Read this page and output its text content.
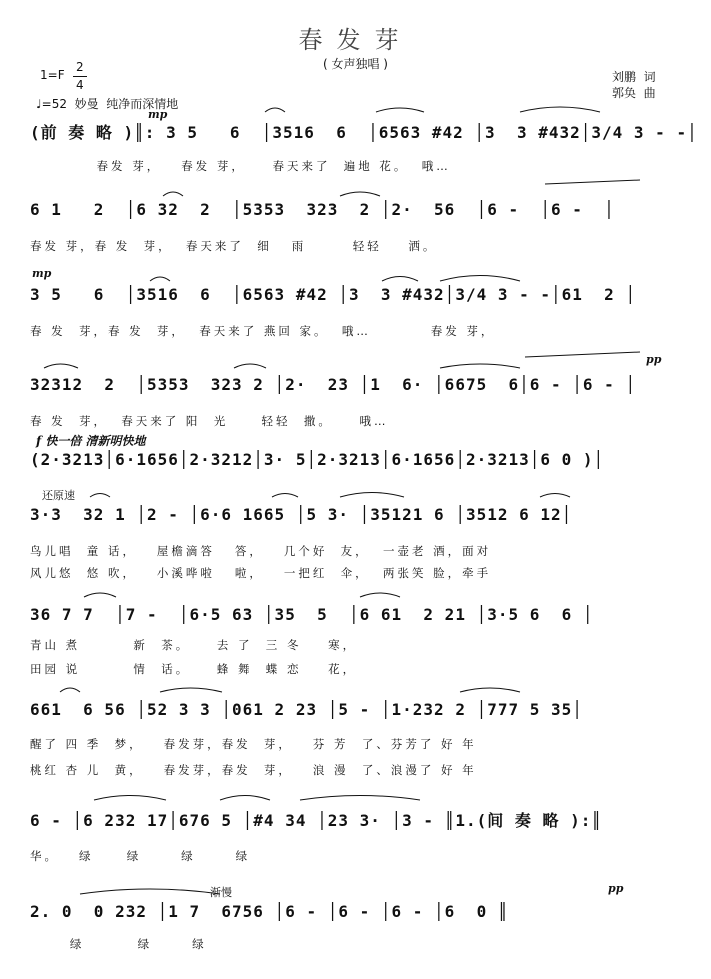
春发芽
( 女声独唱 )
1=F
2
4
♩=52  妙曼  纯净而深情地
刘鹏  词
郭奂  曲
mp
(前 奏 略 )║: 3 5   6  │3516  6  │6563 #42 │3  3 #432│3/4 3 - -│
春发 芽，   春发 芽，    春天来了  遍地 花。  哦…
6 1   2  │6 32  2  │5353  323  2 │2·  56  │6 -  │6 -  │
春发 芽，春 发  芽，  春天来了  细   雨       轻轻    洒。
mp
3 5   6  │3516  6  │6563 #42 │3  3 #432│3/4 3 - -│61  2 │
春 发  芽，春 发  芽，  春天来了 燕回 家。  哦…         春发 芽，
pp
32312  2  │5353  323 2 │2·  23 │1  6· │6675  6│6 - │6 - │
春 发  芽，  春天来了 阳  光     轻轻  撒。    哦…
f 快一倍 清新明快地
(2·3213│6·1656│2·3212│3· 5│2·3213│6·1656│2·3213│6 0 )│
还原速
3·3  32 1 │2 - │6·6 1665 │5 3· │35121 6 │3512 6 12│
鸟儿唱  童 话，   屋檐滴答   答，   几个好  友，  一壶老 酒，面对
风儿悠  悠 吹，   小溪哗啦   啦，   一把红  伞，  两张笑 脸，牵手
36 7 7  │7 -  │6·5 63 │35  5  │6 61  2 21 │3·5 6  6 │
青山 煮        新  茶。    去 了  三 冬    寒，
田园 说        情  话。    蜂 舞  蝶 恋    花，
661  6 56 │52 3 3 │061 2 23 │5 - │1·232 2 │777 5 35│
醒了 四 季  梦，   春发芽，春发  芽，   芬 芳  了、芬芳了 好 年
桃红 杏 儿  黄，   春发芽，春发  芽，   浪 漫  了、浪漫了 好 年
6 - │6 232 17│676 5 │#4 34 │23 3· │3 - ║1.(间 奏 略 ):║
华。   绿     绿      绿      绿
渐慢	pp
2. 0  0 232 │1 7  6756 │6 - │6 - │6 - │6  0 ║
绿        绿      绿
